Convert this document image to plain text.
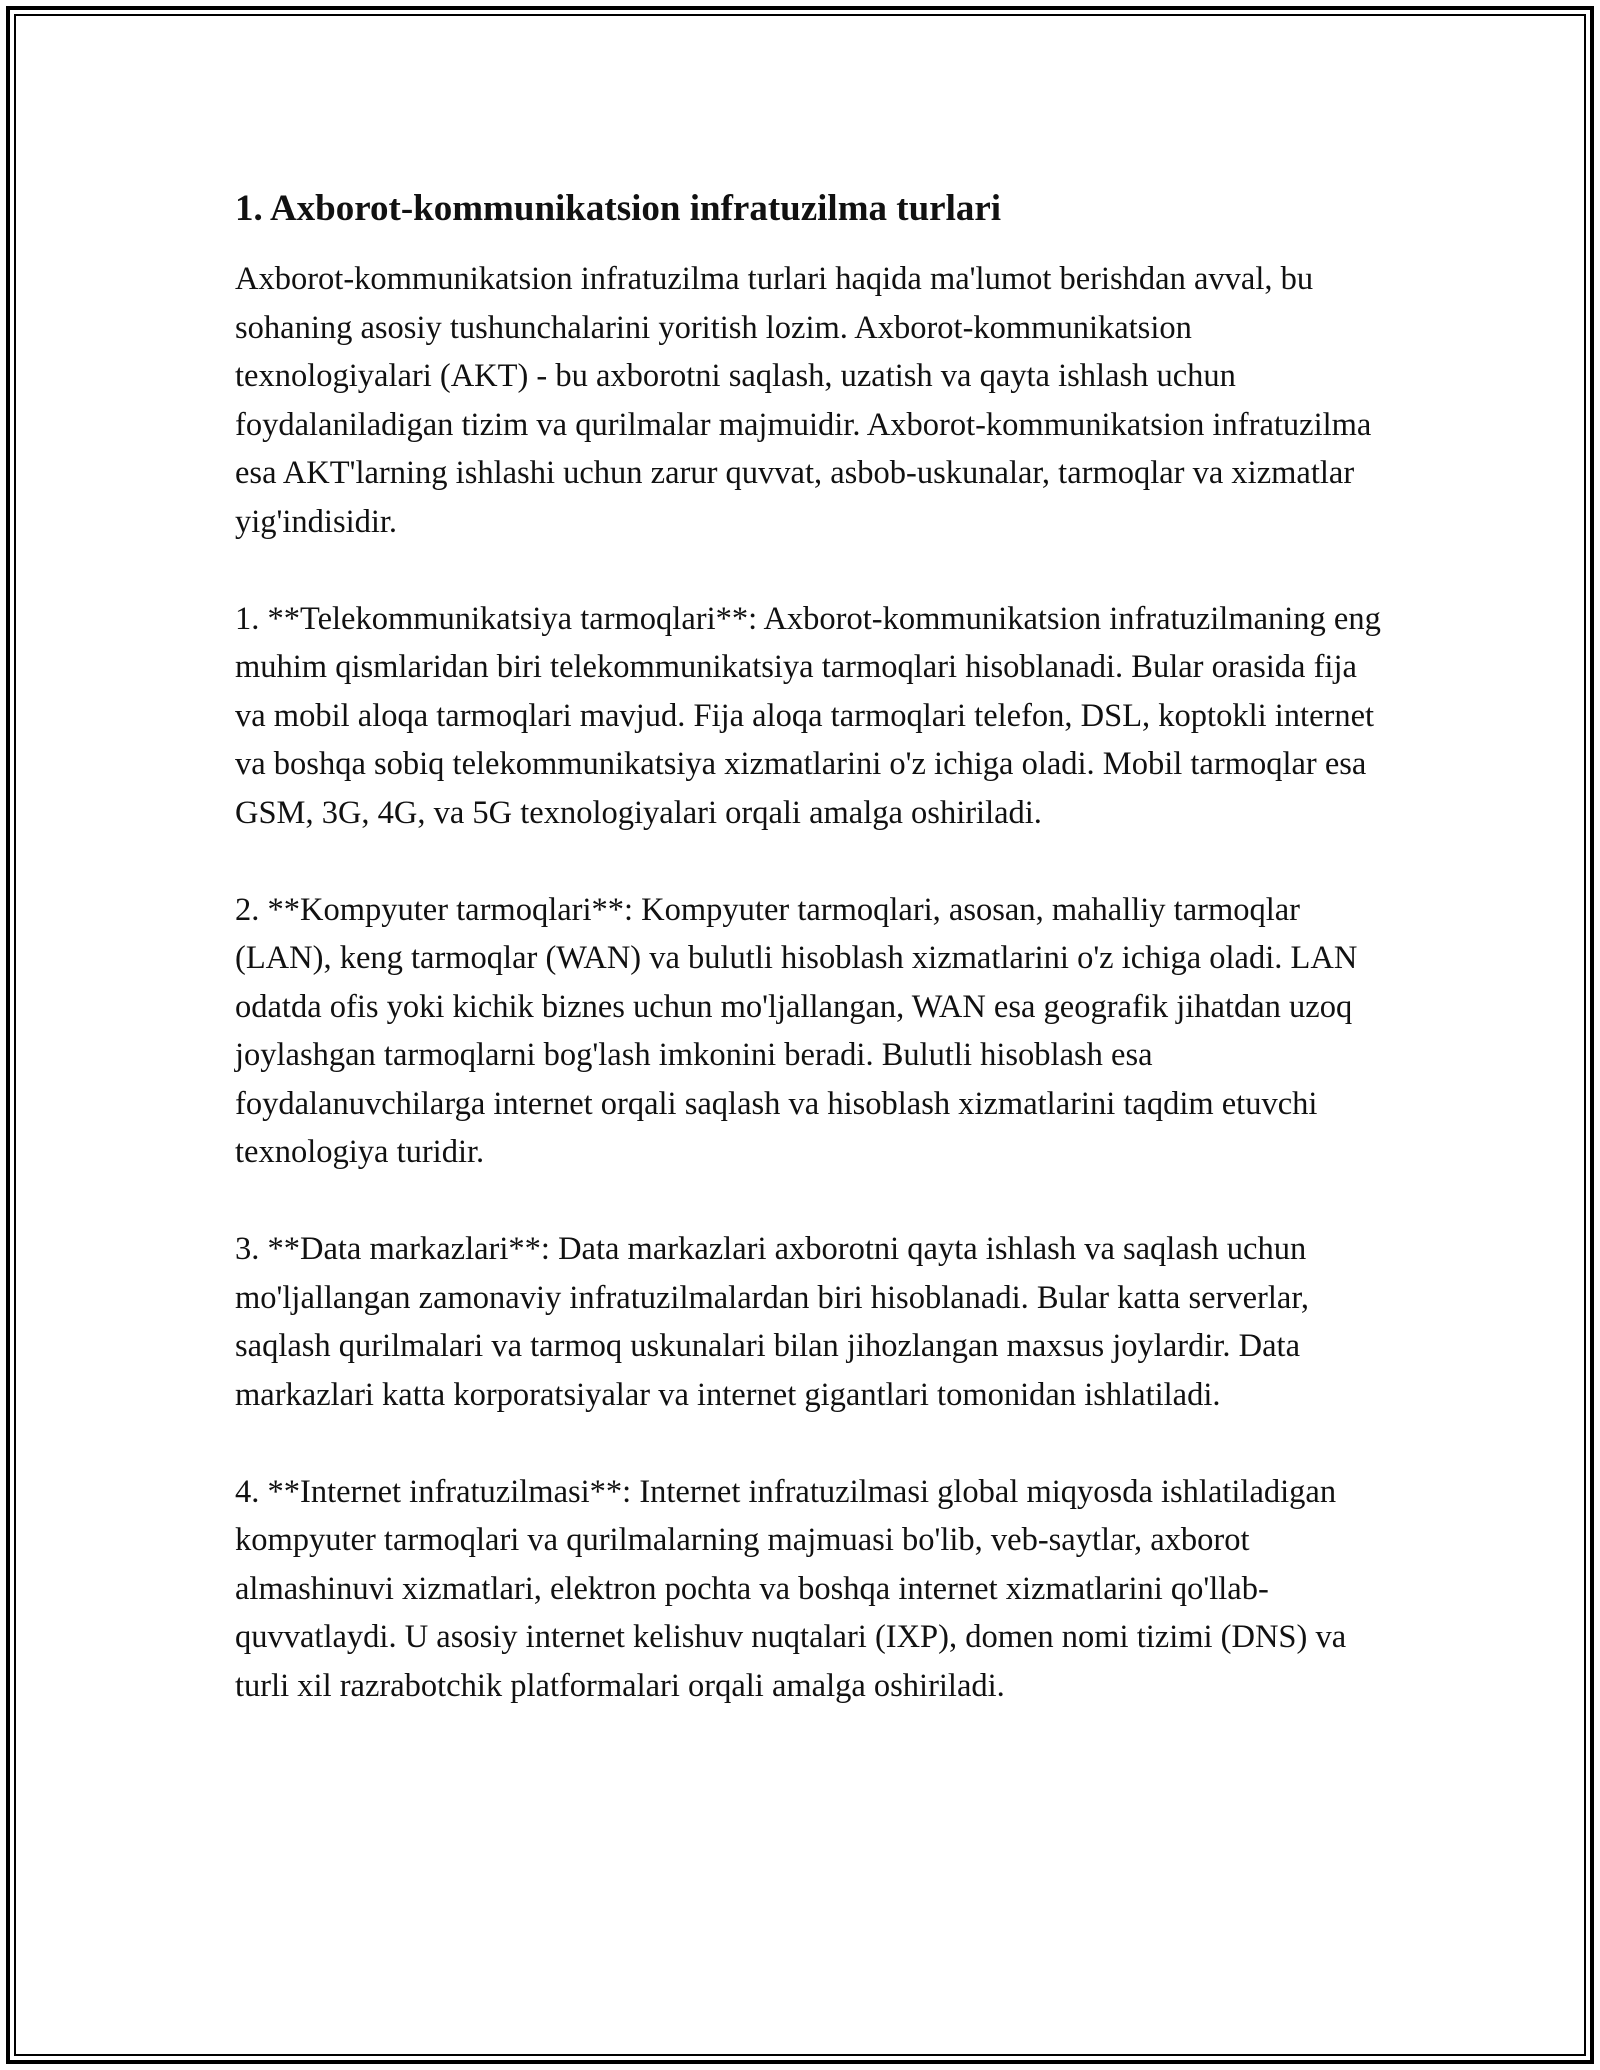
1. Axborot-kommunikatsion infratuzilma turlari

Axborot-kommunikatsion infratuzilma turlari haqida ma'lumot berishdan avval, bu sohaning asosiy tushunchalarini yoritish lozim. Axborot-kommunikatsion texnologiyalari (AKT) - bu axborotni saqlash, uzatish va qayta ishlash uchun foydalaniladigan tizim va qurilmalar majmuidir. Axborot-kommunikatsion infratuzilma esa AKT'larning ishlashi uchun zarur quvvat, asbob-uskunalar, tarmoqlar va xizmatlar yig'indisidir.

1. **Telekommunikatsiya tarmoqlari**: Axborot-kommunikatsion infratuzilmaning eng muhim qismlaridan biri telekommunikatsiya tarmoqlari hisoblanadi. Bular orasida fija va mobil aloqa tarmoqlari mavjud. Fija aloqa tarmoqlari telefon, DSL, koptokli internet va boshqa sobiq telekommunikatsiya xizmatlarini o'z ichiga oladi. Mobil tarmoqlar esa GSM, 3G, 4G, va 5G texnologiyalari orqali amalga oshiriladi.

2. **Kompyuter tarmoqlari**: Kompyuter tarmoqlari, asosan, mahalliy tarmoqlar (LAN), keng tarmoqlar (WAN) va bulutli hisoblash xizmatlarini o'z ichiga oladi. LAN odatda ofis yoki kichik biznes uchun mo'ljallangan, WAN esa geografik jihatdan uzoq joylashgan tarmoqlarni bog'lash imkonini beradi. Bulutli hisoblash esa foydalanuvchilarga internet orqali saqlash va hisoblash xizmatlarini taqdim etuvchi texnologiya turidir.

3. **Data markazlari**: Data markazlari axborotni qayta ishlash va saqlash uchun mo'ljallangan zamonaviy infratuzilmalardan biri hisoblanadi. Bular katta serverlar, saqlash qurilmalari va tarmoq uskunalari bilan jihozlangan maxsus joylardir. Data markazlari katta korporatsiyalar va internet gigantlari tomonidan ishlatiladi.

4. **Internet infratuzilmasi**: Internet infratuzilmasi global miqyosda ishlatiladigan kompyuter tarmoqlari va qurilmalarning majmuasi bo'lib, veb-saytlar, axborot almashinuvi xizmatlari, elektron pochta va boshqa internet xizmatlarini qo'llab-quvvatlaydi. U asosiy internet kelishuv nuqtalari (IXP), domen nomi tizimi (DNS) va turli xil razrabotchik platformalari orqali amalga oshiriladi.
